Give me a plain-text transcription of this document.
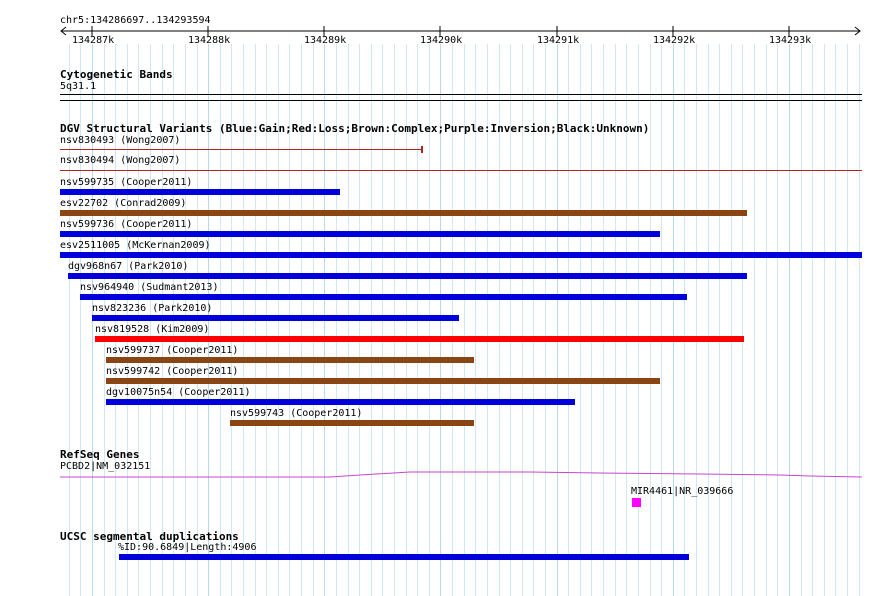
chr5:134286697..134293594
134287k	134288k	134289k	134290k	134291k	134292k	134293k
Cytogenetic Bands
5q31.1
DGV Structural Variants (Blue:Gain;Red:Loss;Brown:Complex;Purple:Inversion;Black:Unknown)
nsv830493 (Wong2007)
nsv830494 (Wong2007)
nsv599735 (Cooper2011)
esv22702 (Conrad2009)
nsv599736 (Cooper2011)
esv2511005 (McKernan2009)
dgv968n67 (Park2010)
nsv964940 (Sudmant2013)
nsv823236 (Park2010)
nsv819528 (Kim2009)
nsv599737 (Cooper2011)
nsv599742 (Cooper2011)
dgv10075n54 (Cooper2011)
nsv599743 (Cooper2011)
RefSeq Genes
PCBD2|NM_032151
MIR4461|NR_039666
UCSC segmental duplications
%ID:90.6849|Length:4906
